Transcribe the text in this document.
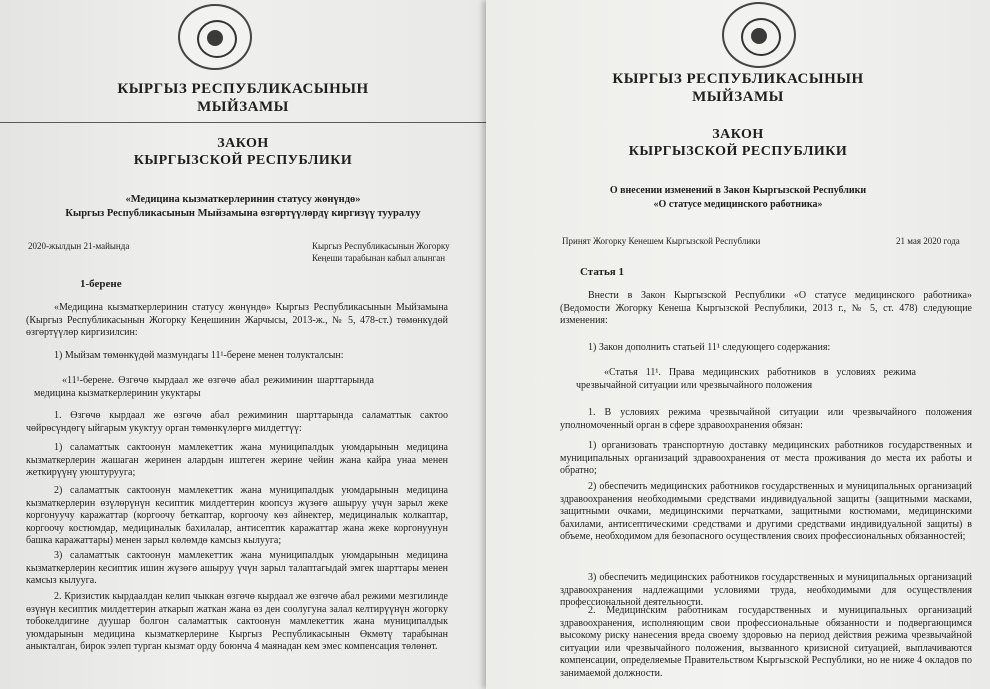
КЫРГЫЗ РЕСПУБЛИКАСЫНЫН
МЫЙЗАМЫ
ЗАКОН
КЫРГЫЗСКОЙ РЕСПУБЛИКИ
«Медицина кызматкерлеринин статусу жөнүндө»
Кыргыз Республикасынын Мыйзамына өзгөртүүлөрдү киргизүү тууралуу
2020-жылдын 21-майында	Кыргыз Республикасынын Жогорку
Кеңеши тарабынан кабыл алынган
1-берене
«Медицина кызматкерлеринин статусу жөнүндө» Кыргыз Республикасынын Мыйзамына (Кыргыз Республикасынын Жогорку Кеңешинин Жарчысы, 2013-ж., № 5, 478-ст.) төмөнкүдөй өзгөртүүлөр киргизилсин:
1) Мыйзам төмөнкүдөй мазмундагы 11¹-берене менен толукталсын:
«11¹-берене. Өзгөчө кырдаал же өзгөчө абал режиминин шарттарында медицина кызматкерлеринин укуктары
1. Өзгөчө кырдаал же өзгөчө абал режиминин шарттарында саламаттык сактоо чөйрөсүндөгү ыйгарым укуктуу орган төмөнкүлөргө милдеттүү:
1) саламаттык сактоонун мамлекеттик жана муниципалдык уюмдарынын медицина кызматкерлерин жашаган жеринен алардын иштеген жерине чейин жана кайра унаа менен жеткирүүнү уюштурууга;
2) саламаттык сактоонун мамлекеттик жана муниципалдык уюмдарынын медицина кызматкерлерин өзүлөрүнүн кесиптик милдеттерин коопсуз жүзөгө ашыруу үчүн зарыл жеке коргонуучу каражаттар (коргоочу беткаптар, коргоочу көз айнектер, медициналык колкаптар, коргоочу костюмдар, медициналык бахилалар, антисептик каражаттар жана жеке коргонуунун башка каражаттары) менен зарыл көлөмдө камсыз кылууга;
3) саламаттык сактоонун мамлекеттик жана муниципалдык уюмдарынын медицина кызматкерлерин кесиптик ишин жүзөгө ашыруу үчүн зарыл талаптагыдай эмгек шарттары менен камсыз кылууга.
2. Кризистик кырдаалдан келип чыккан өзгөчө кырдаал же өзгөчө абал режими мезгилинде өзүнүн кесиптик милдеттерин аткарып жаткан жана өз ден соолугуна залал келтирүүнүн жогорку тобокелдигине дуушар болгон саламаттык сактоонун мамлекеттик жана муниципалдык уюмдарынын медицина кызматкерлерине Кыргыз Республикасынын Өкмөтү тарабынан аныкталган, бирок ээлеп турган кызмат орду боюнча 4 маянадан кем эмес компенсация төлөнөт.
КЫРГЫЗ РЕСПУБЛИКАСЫНЫН
МЫЙЗАМЫ
ЗАКОН
КЫРГЫЗСКОЙ РЕСПУБЛИКИ
О внесении изменений в Закон Кыргызской Республики
«О статусе медицинского работника»
Принят Жогорку Кенешем Кыргызской Республики	21 мая 2020 года
Статья 1
Внести в Закон Кыргызской Республики «О статусе медицинского работника» (Ведомости Жогорку Кенеша Кыргызской Республики, 2013 г., № 5, ст. 478) следующие изменения:
1) Закон дополнить статьей 11¹ следующего содержания:
«Статья 11¹. Права медицинских работников в условиях режима чрезвычайной ситуации или чрезвычайного положения
1. В условиях режима чрезвычайной ситуации или чрезвычайного положения уполномоченный орган в сфере здравоохранения обязан:
1) организовать транспортную доставку медицинских работников государственных и муниципальных организаций здравоохранения от места проживания до места их работы и обратно;
2) обеспечить медицинских работников государственных и муниципальных организаций здравоохранения необходимыми средствами индивидуальной защиты (защитными масками, защитными очками, медицинскими перчатками, защитными костюмами, медицинскими бахилами, антисептическими средствами и другими средствами индивидуальной защиты) в объеме, необходимом для безопасного осуществления своих профессиональных обязанностей;
3) обеспечить медицинских работников государственных и муниципальных организаций здравоохранения надлежащими условиями труда, необходимыми для осуществления профессиональной деятельности.
2. Медицинским работникам государственных и муниципальных организаций здравоохранения, исполняющим свои профессиональные обязанности и подвергающимся высокому риску нанесения вреда своему здоровью на период действия режима чрезвычайной ситуации или чрезвычайного положения, вызванного кризисной ситуацией, выплачиваются компенсации, определяемые Правительством Кыргызской Республики, но не ниже 4 окладов по занимаемой должности.
